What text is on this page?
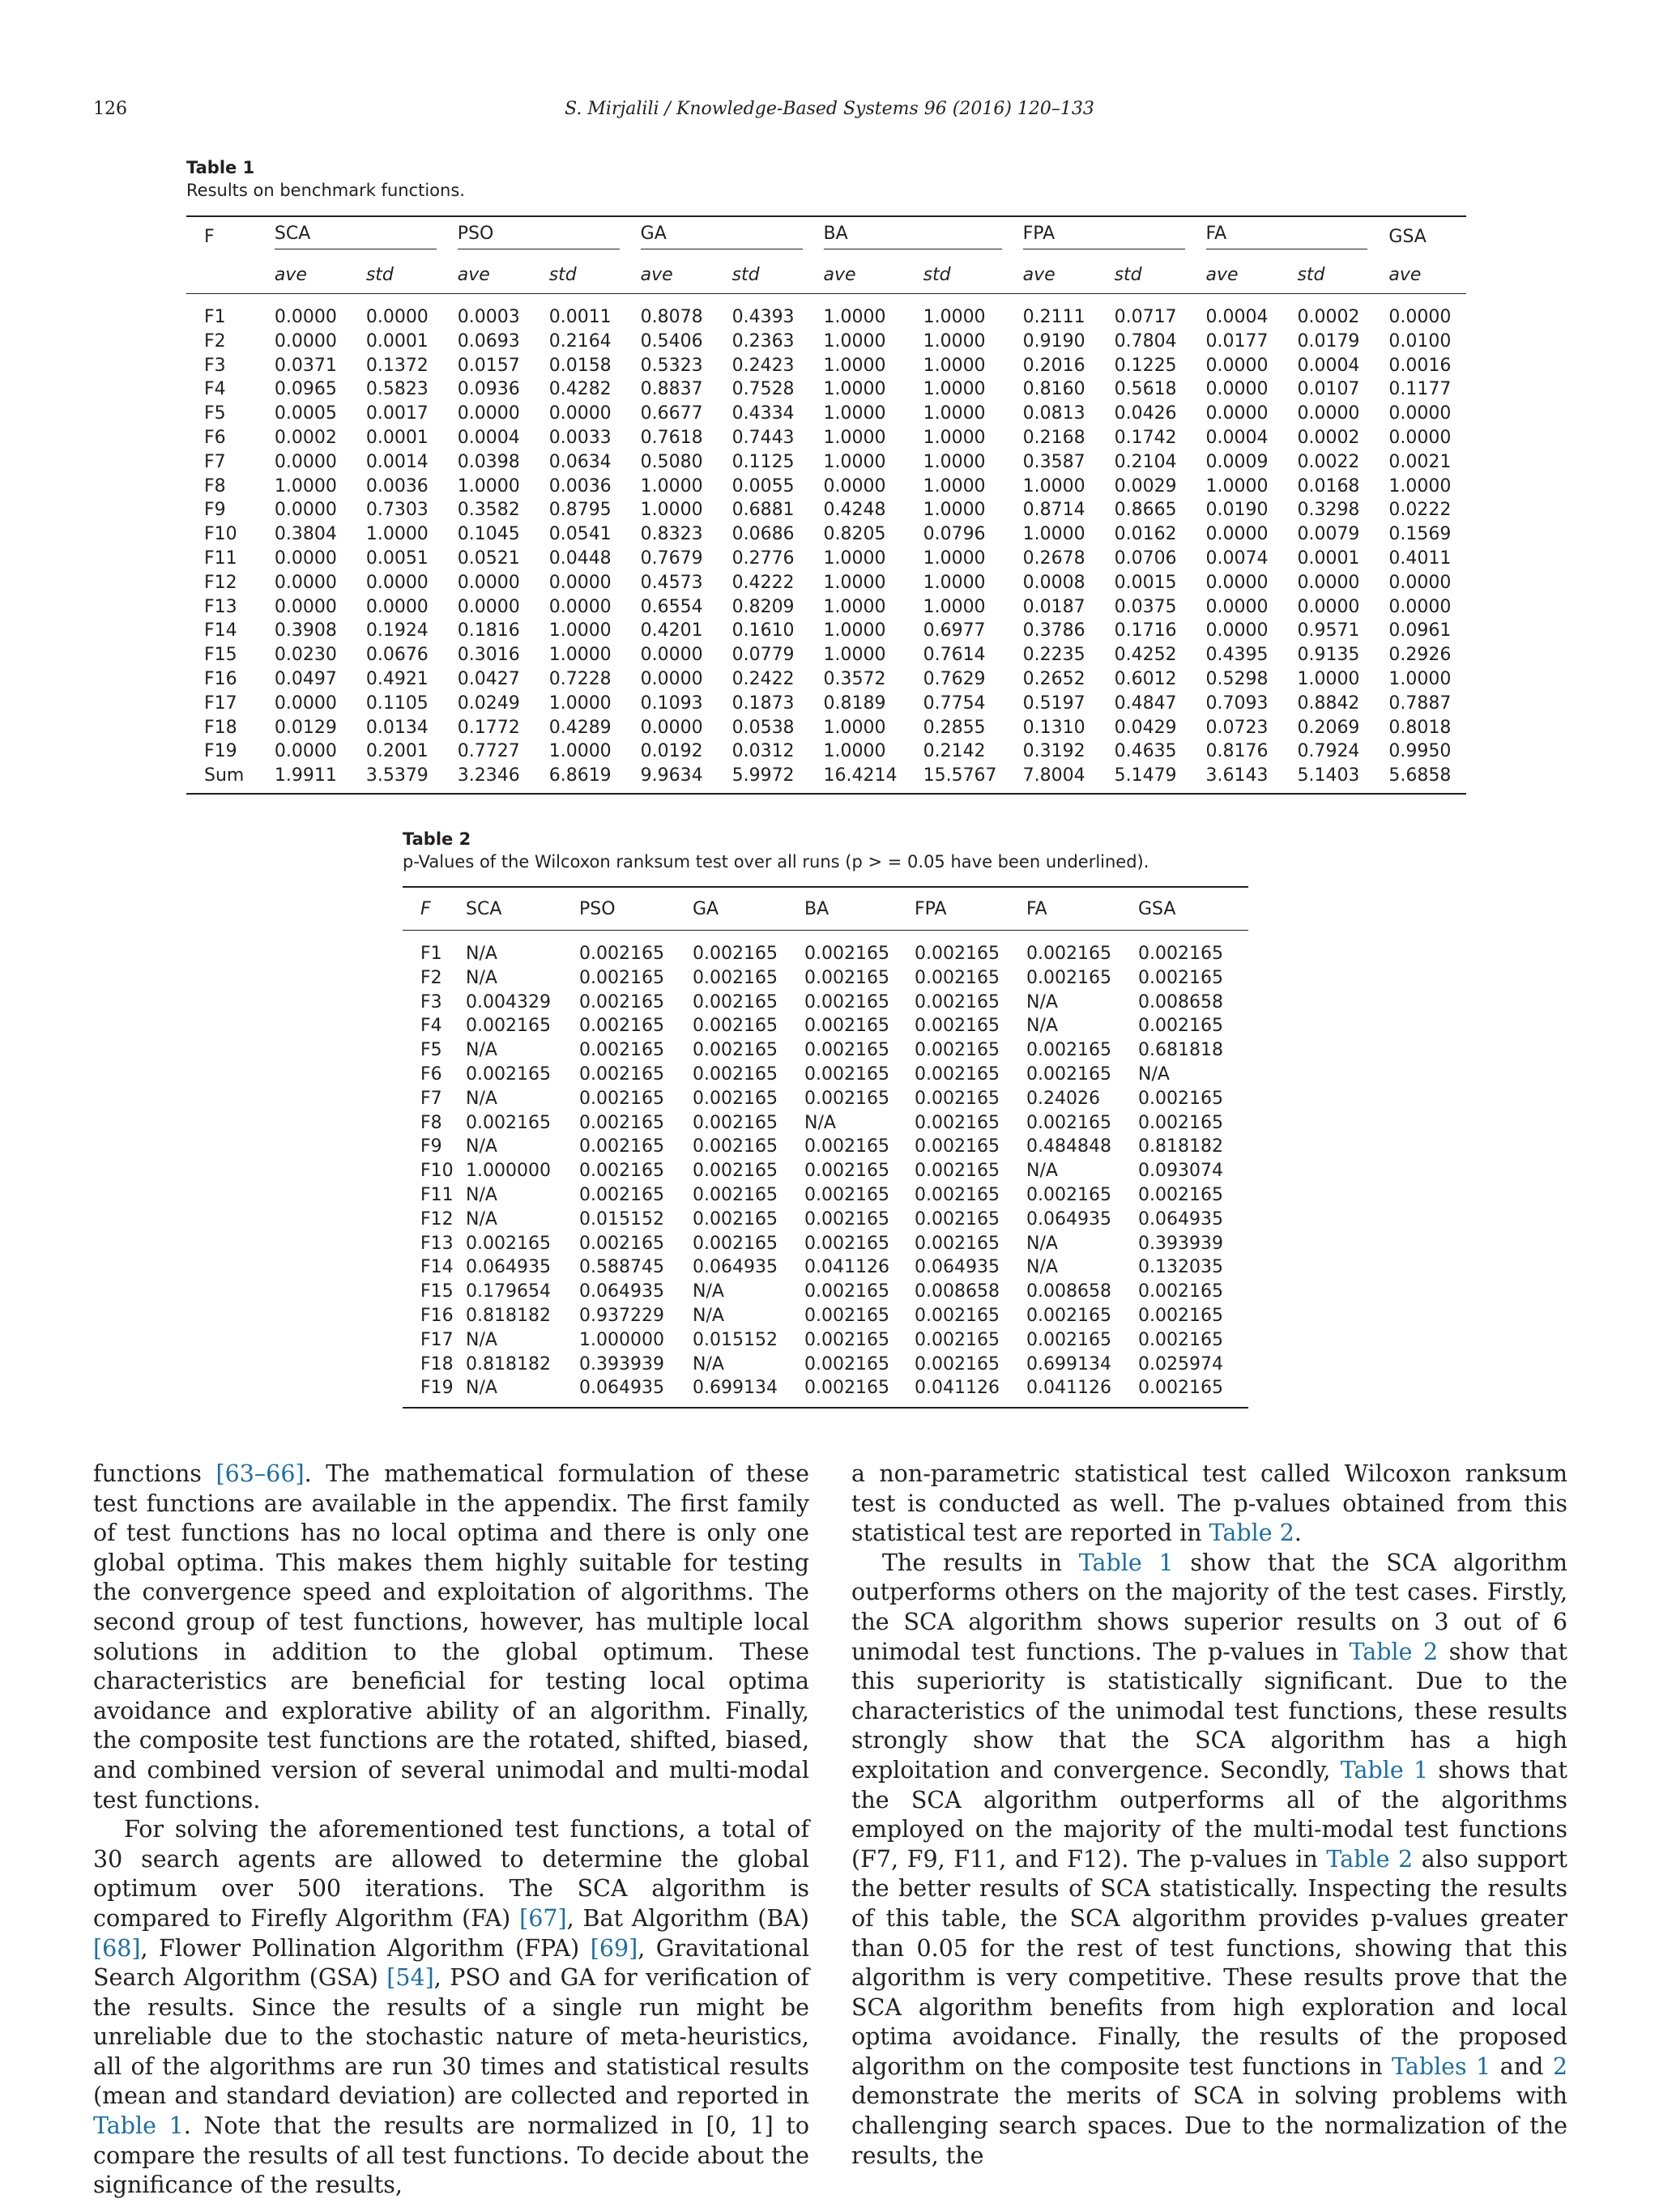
126	S. Mirjalili / Knowledge-Based Systems 96 (2016) 120–133
Table 1
Results on benchmark functions.
F	SCA		PSO		GA		BA		FPA		FA		GSA
	ave	std	ave	std	ave	std	ave	std	ave	std	ave	std	ave
F1	0.0000	0.0000	0.0003	0.0011	0.8078	0.4393	1.0000	1.0000	0.2111	0.0717	0.0004	0.0002	0.0000
F2	0.0000	0.0001	0.0693	0.2164	0.5406	0.2363	1.0000	1.0000	0.9190	0.7804	0.0177	0.0179	0.0100
F3	0.0371	0.1372	0.0157	0.0158	0.5323	0.2423	1.0000	1.0000	0.2016	0.1225	0.0000	0.0004	0.0016
F4	0.0965	0.5823	0.0936	0.4282	0.8837	0.7528	1.0000	1.0000	0.8160	0.5618	0.0000	0.0107	0.1177
F5	0.0005	0.0017	0.0000	0.0000	0.6677	0.4334	1.0000	1.0000	0.0813	0.0426	0.0000	0.0000	0.0000
F6	0.0002	0.0001	0.0004	0.0033	0.7618	0.7443	1.0000	1.0000	0.2168	0.1742	0.0004	0.0002	0.0000
F7	0.0000	0.0014	0.0398	0.0634	0.5080	0.1125	1.0000	1.0000	0.3587	0.2104	0.0009	0.0022	0.0021
F8	1.0000	0.0036	1.0000	0.0036	1.0000	0.0055	0.0000	1.0000	1.0000	0.0029	1.0000	0.0168	1.0000
F9	0.0000	0.7303	0.3582	0.8795	1.0000	0.6881	0.4248	1.0000	0.8714	0.8665	0.0190	0.3298	0.0222
F10	0.3804	1.0000	0.1045	0.0541	0.8323	0.0686	0.8205	0.0796	1.0000	0.0162	0.0000	0.0079	0.1569
F11	0.0000	0.0051	0.0521	0.0448	0.7679	0.2776	1.0000	1.0000	0.2678	0.0706	0.0074	0.0001	0.4011
F12	0.0000	0.0000	0.0000	0.0000	0.4573	0.4222	1.0000	1.0000	0.0008	0.0015	0.0000	0.0000	0.0000
F13	0.0000	0.0000	0.0000	0.0000	0.6554	0.8209	1.0000	1.0000	0.0187	0.0375	0.0000	0.0000	0.0000
F14	0.3908	0.1924	0.1816	1.0000	0.4201	0.1610	1.0000	0.6977	0.3786	0.1716	0.0000	0.9571	0.0961
F15	0.0230	0.0676	0.3016	1.0000	0.0000	0.0779	1.0000	0.7614	0.2235	0.4252	0.4395	0.9135	0.2926
F16	0.0497	0.4921	0.0427	0.7228	0.0000	0.2422	0.3572	0.7629	0.2652	0.6012	0.5298	1.0000	1.0000
F17	0.0000	0.1105	0.0249	1.0000	0.1093	0.1873	0.8189	0.7754	0.5197	0.4847	0.7093	0.8842	0.7887
F18	0.0129	0.0134	0.1772	0.4289	0.0000	0.0538	1.0000	0.2855	0.1310	0.0429	0.0723	0.2069	0.8018
F19	0.0000	0.2001	0.7727	1.0000	0.0192	0.0312	1.0000	0.2142	0.3192	0.4635	0.8176	0.7924	0.9950
Sum	1.9911	3.5379	3.2346	6.8619	9.9634	5.9972	16.4214	15.5767	7.8004	5.1479	3.6143	5.1403	5.6858
Table 2
p-Values of the Wilcoxon ranksum test over all runs (p > = 0.05 have been underlined).
F	SCA	PSO	GA	BA	FPA	FA	GSA
F1	N/A	0.002165	0.002165	0.002165	0.002165	0.002165	0.002165
F2	N/A	0.002165	0.002165	0.002165	0.002165	0.002165	0.002165
F3	0.004329	0.002165	0.002165	0.002165	0.002165	N/A	0.008658
F4	0.002165	0.002165	0.002165	0.002165	0.002165	N/A	0.002165
F5	N/A	0.002165	0.002165	0.002165	0.002165	0.002165	0.681818
F6	0.002165	0.002165	0.002165	0.002165	0.002165	0.002165	N/A
F7	N/A	0.002165	0.002165	0.002165	0.002165	0.24026	0.002165
F8	0.002165	0.002165	0.002165	N/A	0.002165	0.002165	0.002165
F9	N/A	0.002165	0.002165	0.002165	0.002165	0.484848	0.818182
F10	1.000000	0.002165	0.002165	0.002165	0.002165	N/A	0.093074
F11	N/A	0.002165	0.002165	0.002165	0.002165	0.002165	0.002165
F12	N/A	0.015152	0.002165	0.002165	0.002165	0.064935	0.064935
F13	0.002165	0.002165	0.002165	0.002165	0.002165	N/A	0.393939
F14	0.064935	0.588745	0.064935	0.041126	0.064935	N/A	0.132035
F15	0.179654	0.064935	N/A	0.002165	0.008658	0.008658	0.002165
F16	0.818182	0.937229	N/A	0.002165	0.002165	0.002165	0.002165
F17	N/A	1.000000	0.015152	0.002165	0.002165	0.002165	0.002165
F18	0.818182	0.393939	N/A	0.002165	0.002165	0.699134	0.025974
F19	N/A	0.064935	0.699134	0.002165	0.041126	0.041126	0.002165

functions [63–66]. The mathematical formulation of these test functions are available in the appendix. The first family of test functions has no local optima and there is only one global optima. This makes them highly suitable for testing the convergence speed and exploitation of algorithms. The second group of test functions, however, has multiple local solutions in addition to the global optimum. These characteristics are beneficial for testing local optima avoidance and explorative ability of an algorithm. Finally, the composite test functions are the rotated, shifted, biased, and combined version of several unimodal and multi-modal test functions.

For solving the aforementioned test functions, a total of 30 search agents are allowed to determine the global optimum over 500 iterations. The SCA algorithm is compared to Firefly Algorithm (FA) [67], Bat Algorithm (BA) [68], Flower Pollination Algorithm (FPA) [69], Gravitational Search Algorithm (GSA) [54], PSO and GA for verification of the results. Since the results of a single run might be unreliable due to the stochastic nature of meta-heuristics, all of the algorithms are run 30 times and statistical results (mean and standard deviation) are collected and reported in Table 1. Note that the results are normalized in [0, 1] to compare the results of all test functions. To decide about the significance of the results,

a non-parametric statistical test called Wilcoxon ranksum test is conducted as well. The p-values obtained from this statistical test are reported in Table 2.

The results in Table 1 show that the SCA algorithm outperforms others on the majority of the test cases. Firstly, the SCA algorithm shows superior results on 3 out of 6 unimodal test functions. The p-values in Table 2 show that this superiority is statistically significant. Due to the characteristics of the unimodal test functions, these results strongly show that the SCA algorithm has a high exploitation and convergence. Secondly, Table 1 shows that the SCA algorithm outperforms all of the algorithms employed on the majority of the multi-modal test functions (F7, F9, F11, and F12). The p-values in Table 2 also support the better results of SCA statistically. Inspecting the results of this table, the SCA algorithm provides p-values greater than 0.05 for the rest of test functions, showing that this algorithm is very competitive. These results prove that the SCA algorithm benefits from high exploration and local optima avoidance. Finally, the results of the proposed algorithm on the composite test functions in Tables 1 and 2 demonstrate the merits of SCA in solving problems with challenging search spaces. Due to the normalization of the results, the
